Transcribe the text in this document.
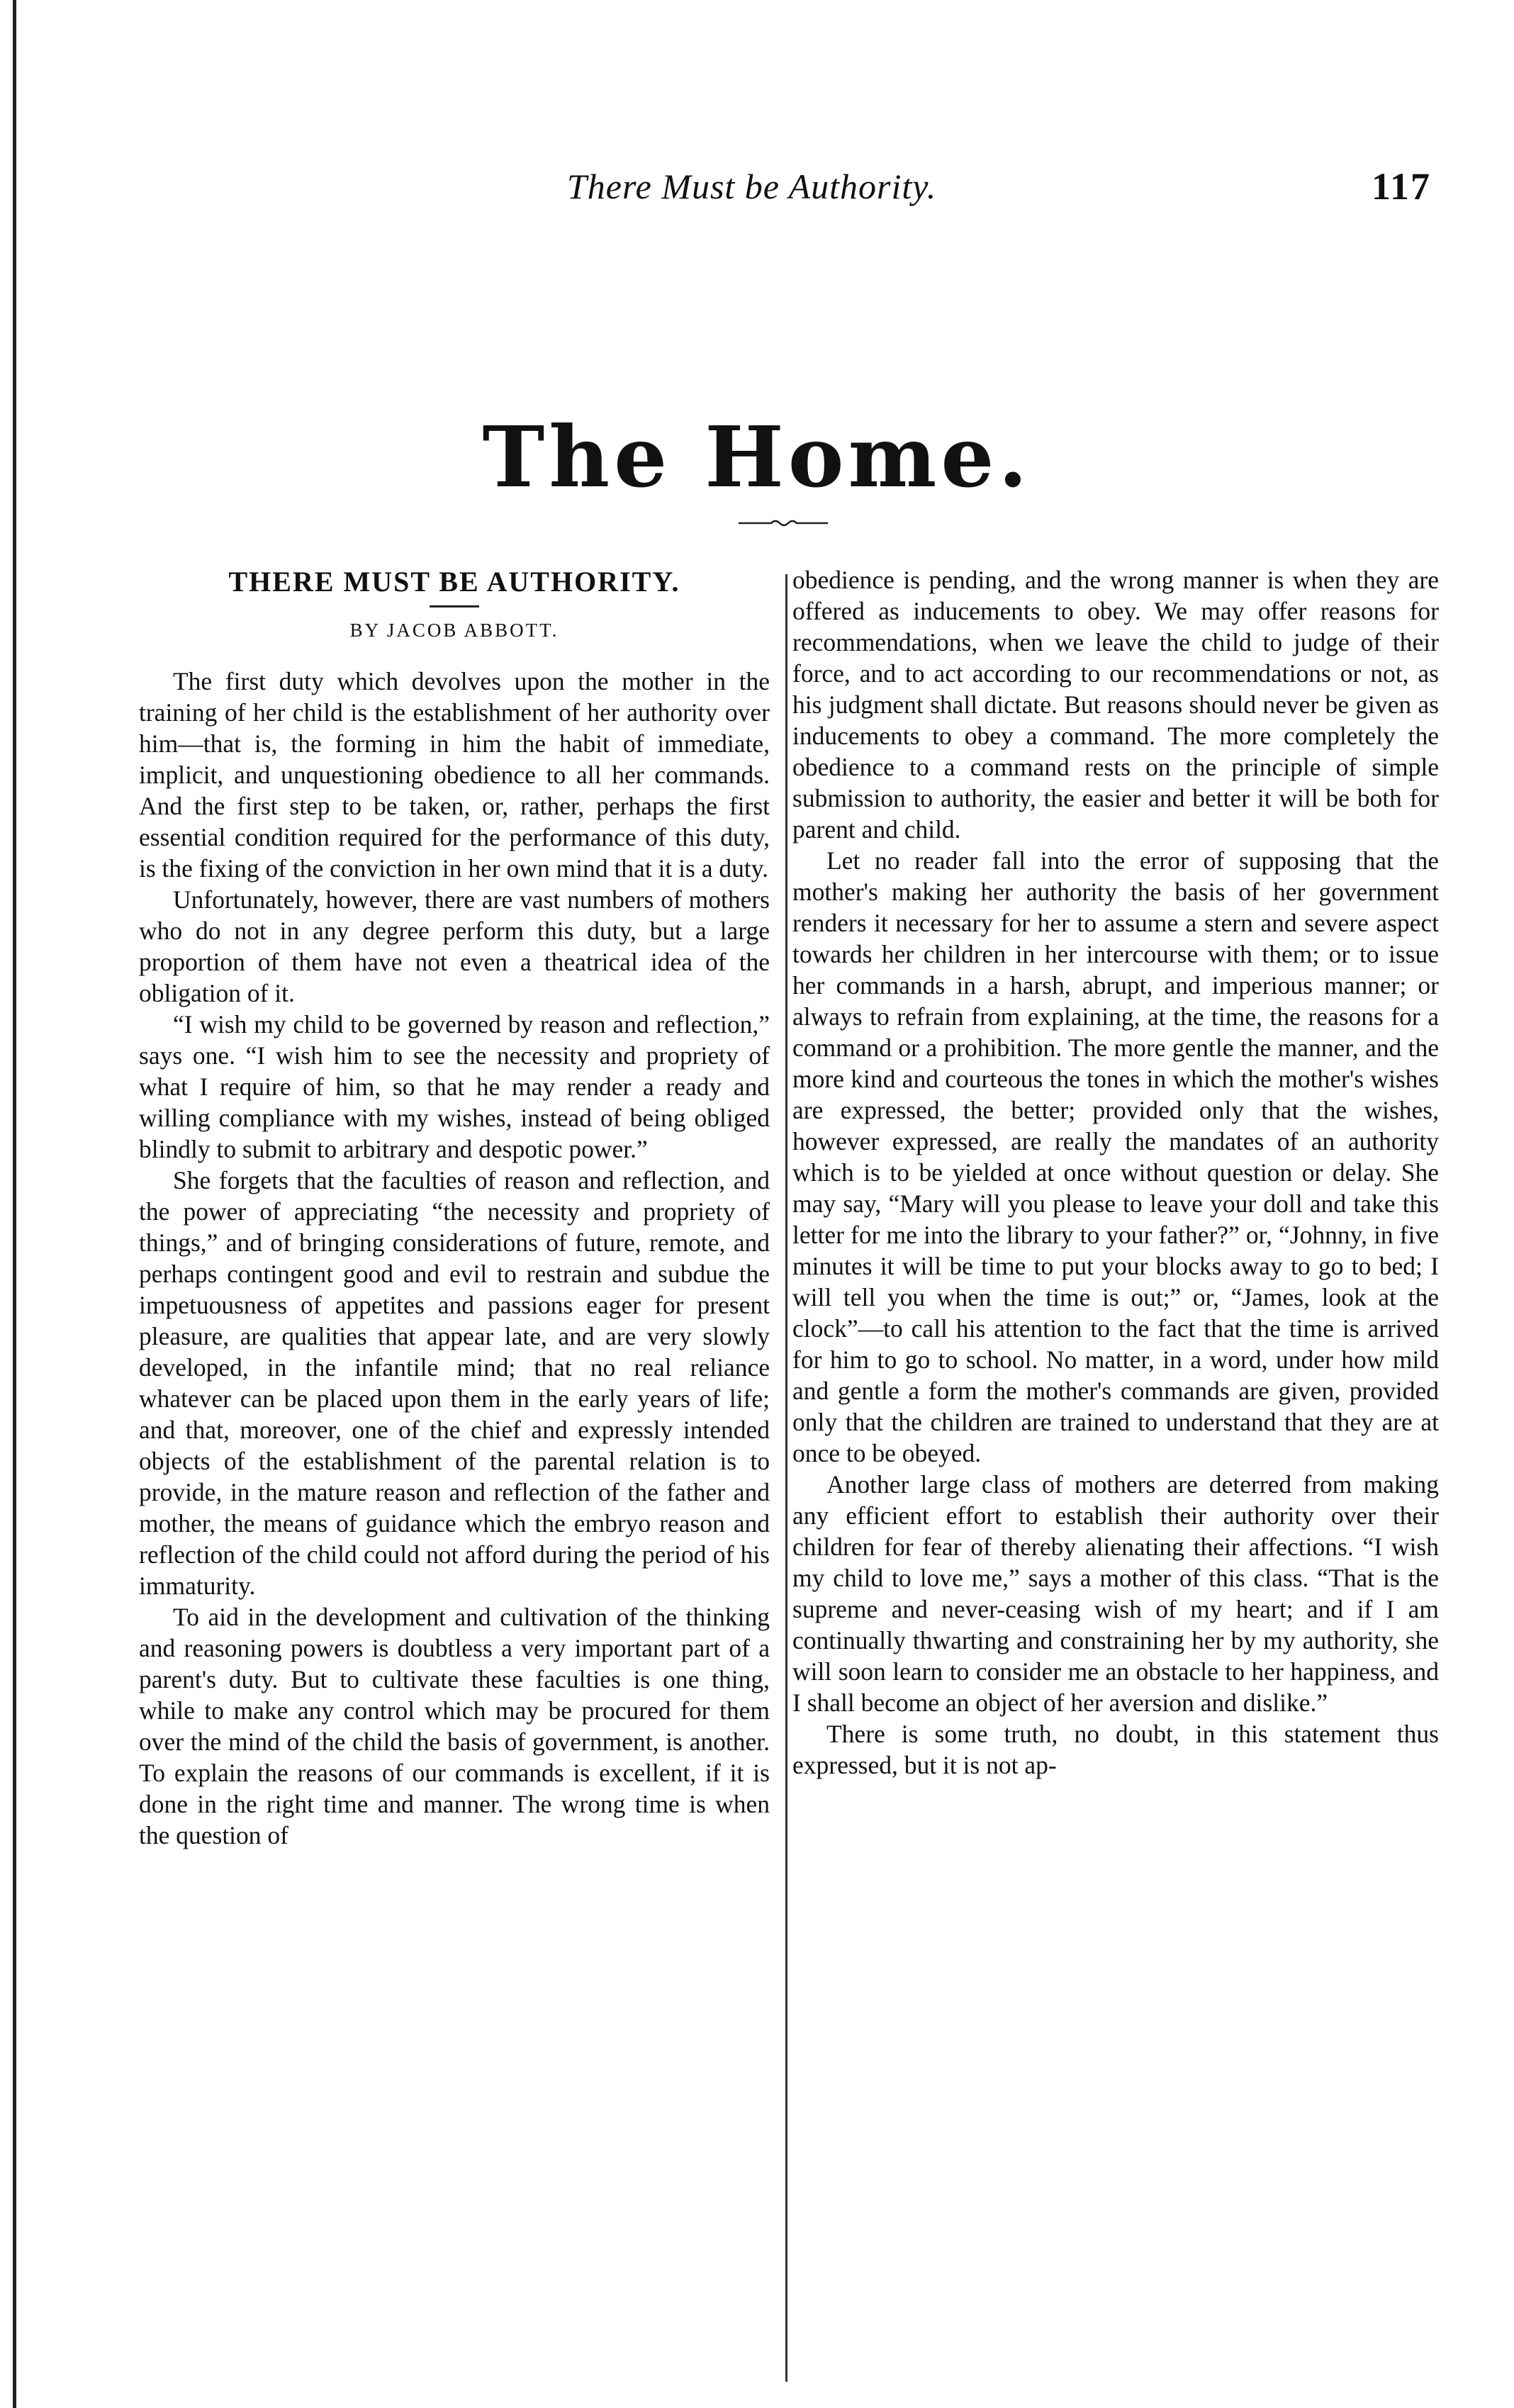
There Must be Authority.	117
The Home.
THERE MUST BE AUTHORITY.
BY JACOB ABBOTT.

The first duty which devolves upon the mother in the training of her child is the establishment of her authority over him—that is, the forming in him the habit of immediate, implicit, and unquestioning obedience to all her commands. And the first step to be taken, or, rather, perhaps the first essential condition required for the performance of this duty, is the fixing of the conviction in her own mind that it is a duty.

Unfortunately, however, there are vast numbers of mothers who do not in any degree perform this duty, but a large proportion of them have not even a theatrical idea of the obligation of it.

“I wish my child to be governed by reason and reflection,” says one. “I wish him to see the necessity and propriety of what I require of him, so that he may render a ready and willing compliance with my wishes, instead of being obliged blindly to submit to arbitrary and despotic power.”

She forgets that the faculties of reason and reflection, and the power of appreciating “the necessity and propriety of things,” and of bringing considerations of future, remote, and perhaps contingent good and evil to restrain and subdue the impetuousness of appetites and passions eager for present pleasure, are qualities that appear late, and are very slowly developed, in the infantile mind; that no real reliance whatever can be placed upon them in the early years of life; and that, moreover, one of the chief and expressly intended objects of the establishment of the parental relation is to provide, in the mature reason and reflection of the father and mother, the means of guidance which the embryo reason and reflection of the child could not afford during the period of his immaturity.

To aid in the development and cultivation of the thinking and reasoning powers is doubtless a very important part of a parent's duty. But to cultivate these faculties is one thing, while to make any control which may be procured for them over the mind of the child the basis of government, is another. To explain the reasons of our commands is excellent, if it is done in the right time and manner. The wrong time is when the question of

obedience is pending, and the wrong manner is when they are offered as inducements to obey. We may offer reasons for recommendations, when we leave the child to judge of their force, and to act according to our recommendations or not, as his judgment shall dictate. But reasons should never be given as inducements to obey a command. The more completely the obedience to a command rests on the principle of simple submission to authority, the easier and better it will be both for parent and child.

Let no reader fall into the error of supposing that the mother's making her authority the basis of her government renders it necessary for her to assume a stern and severe aspect towards her children in her intercourse with them; or to issue her commands in a harsh, abrupt, and imperious manner; or always to refrain from explaining, at the time, the reasons for a command or a prohibition. The more gentle the manner, and the more kind and courteous the tones in which the mother's wishes are expressed, the better; provided only that the wishes, however expressed, are really the mandates of an authority which is to be yielded at once without question or delay. She may say, “Mary will you please to leave your doll and take this letter for me into the library to your father?” or, “Johnny, in five minutes it will be time to put your blocks away to go to bed; I will tell you when the time is out;” or, “James, look at the clock”—to call his attention to the fact that the time is arrived for him to go to school. No matter, in a word, under how mild and gentle a form the mother's commands are given, provided only that the children are trained to understand that they are at once to be obeyed.

Another large class of mothers are deterred from making any efficient effort to establish their authority over their children for fear of thereby alienating their affections. “I wish my child to love me,” says a mother of this class. “That is the supreme and never-ceasing wish of my heart; and if I am continually thwarting and constraining her by my authority, she will soon learn to consider me an obstacle to her happiness, and I shall become an object of her aversion and dislike.”

There is some truth, no doubt, in this statement thus expressed, but it is not ap-
